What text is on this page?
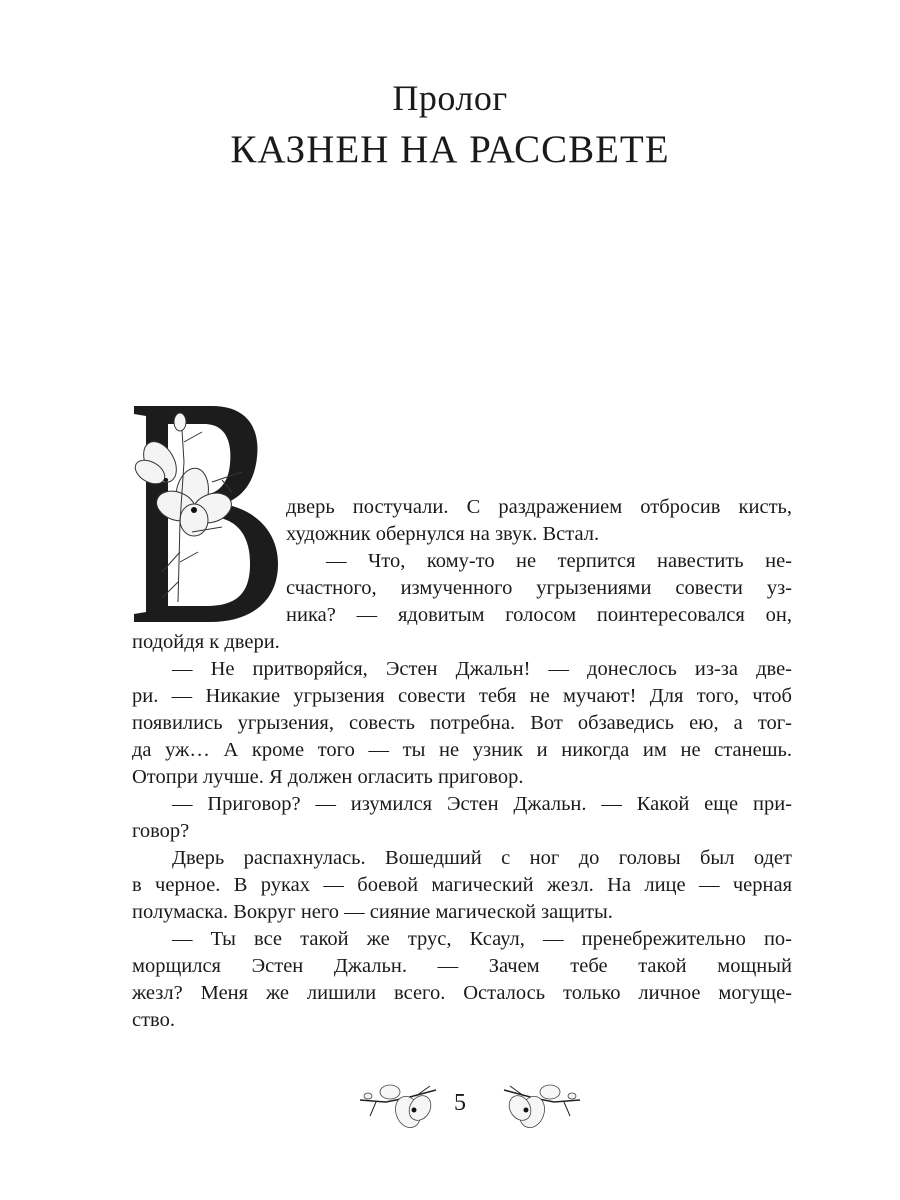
Пролог
КАЗНЕН НА РАССВЕТЕ
дверь постучали. С раздражением отбросив кисть,
художник обернулся на звук. Встал.
— Что, кому-то не терпится навестить не-
счастного, измученного угрызениями совести уз-
ника? — ядовитым голосом поинтересовался он,
подойдя к двери.
— Не притворяйся, Эстен Джальн! — донеслось из-за две-
ри. — Никакие угрызения совести тебя не мучают! Для того, чтоб
появились угрызения, совесть потребна. Вот обзаведись ею, а тог-
да уж… А кроме того — ты не узник и никогда им не станешь.
Отопри лучше. Я должен огласить приговор.
— Приговор? — изумился Эстен Джальн. — Какой еще при-
говор?
Дверь распахнулась. Вошедший с ног до головы был одет
в черное. В руках — боевой магический жезл. На лице — черная
полумаска. Вокруг него — сияние магической защиты.
— Ты все такой же трус, Ксаул, — пренебрежительно по-
морщился Эстен Джальн. — Зачем тебе такой мощный
жезл? Меня же лишили всего. Осталось только личное могуще-
ство.
5
